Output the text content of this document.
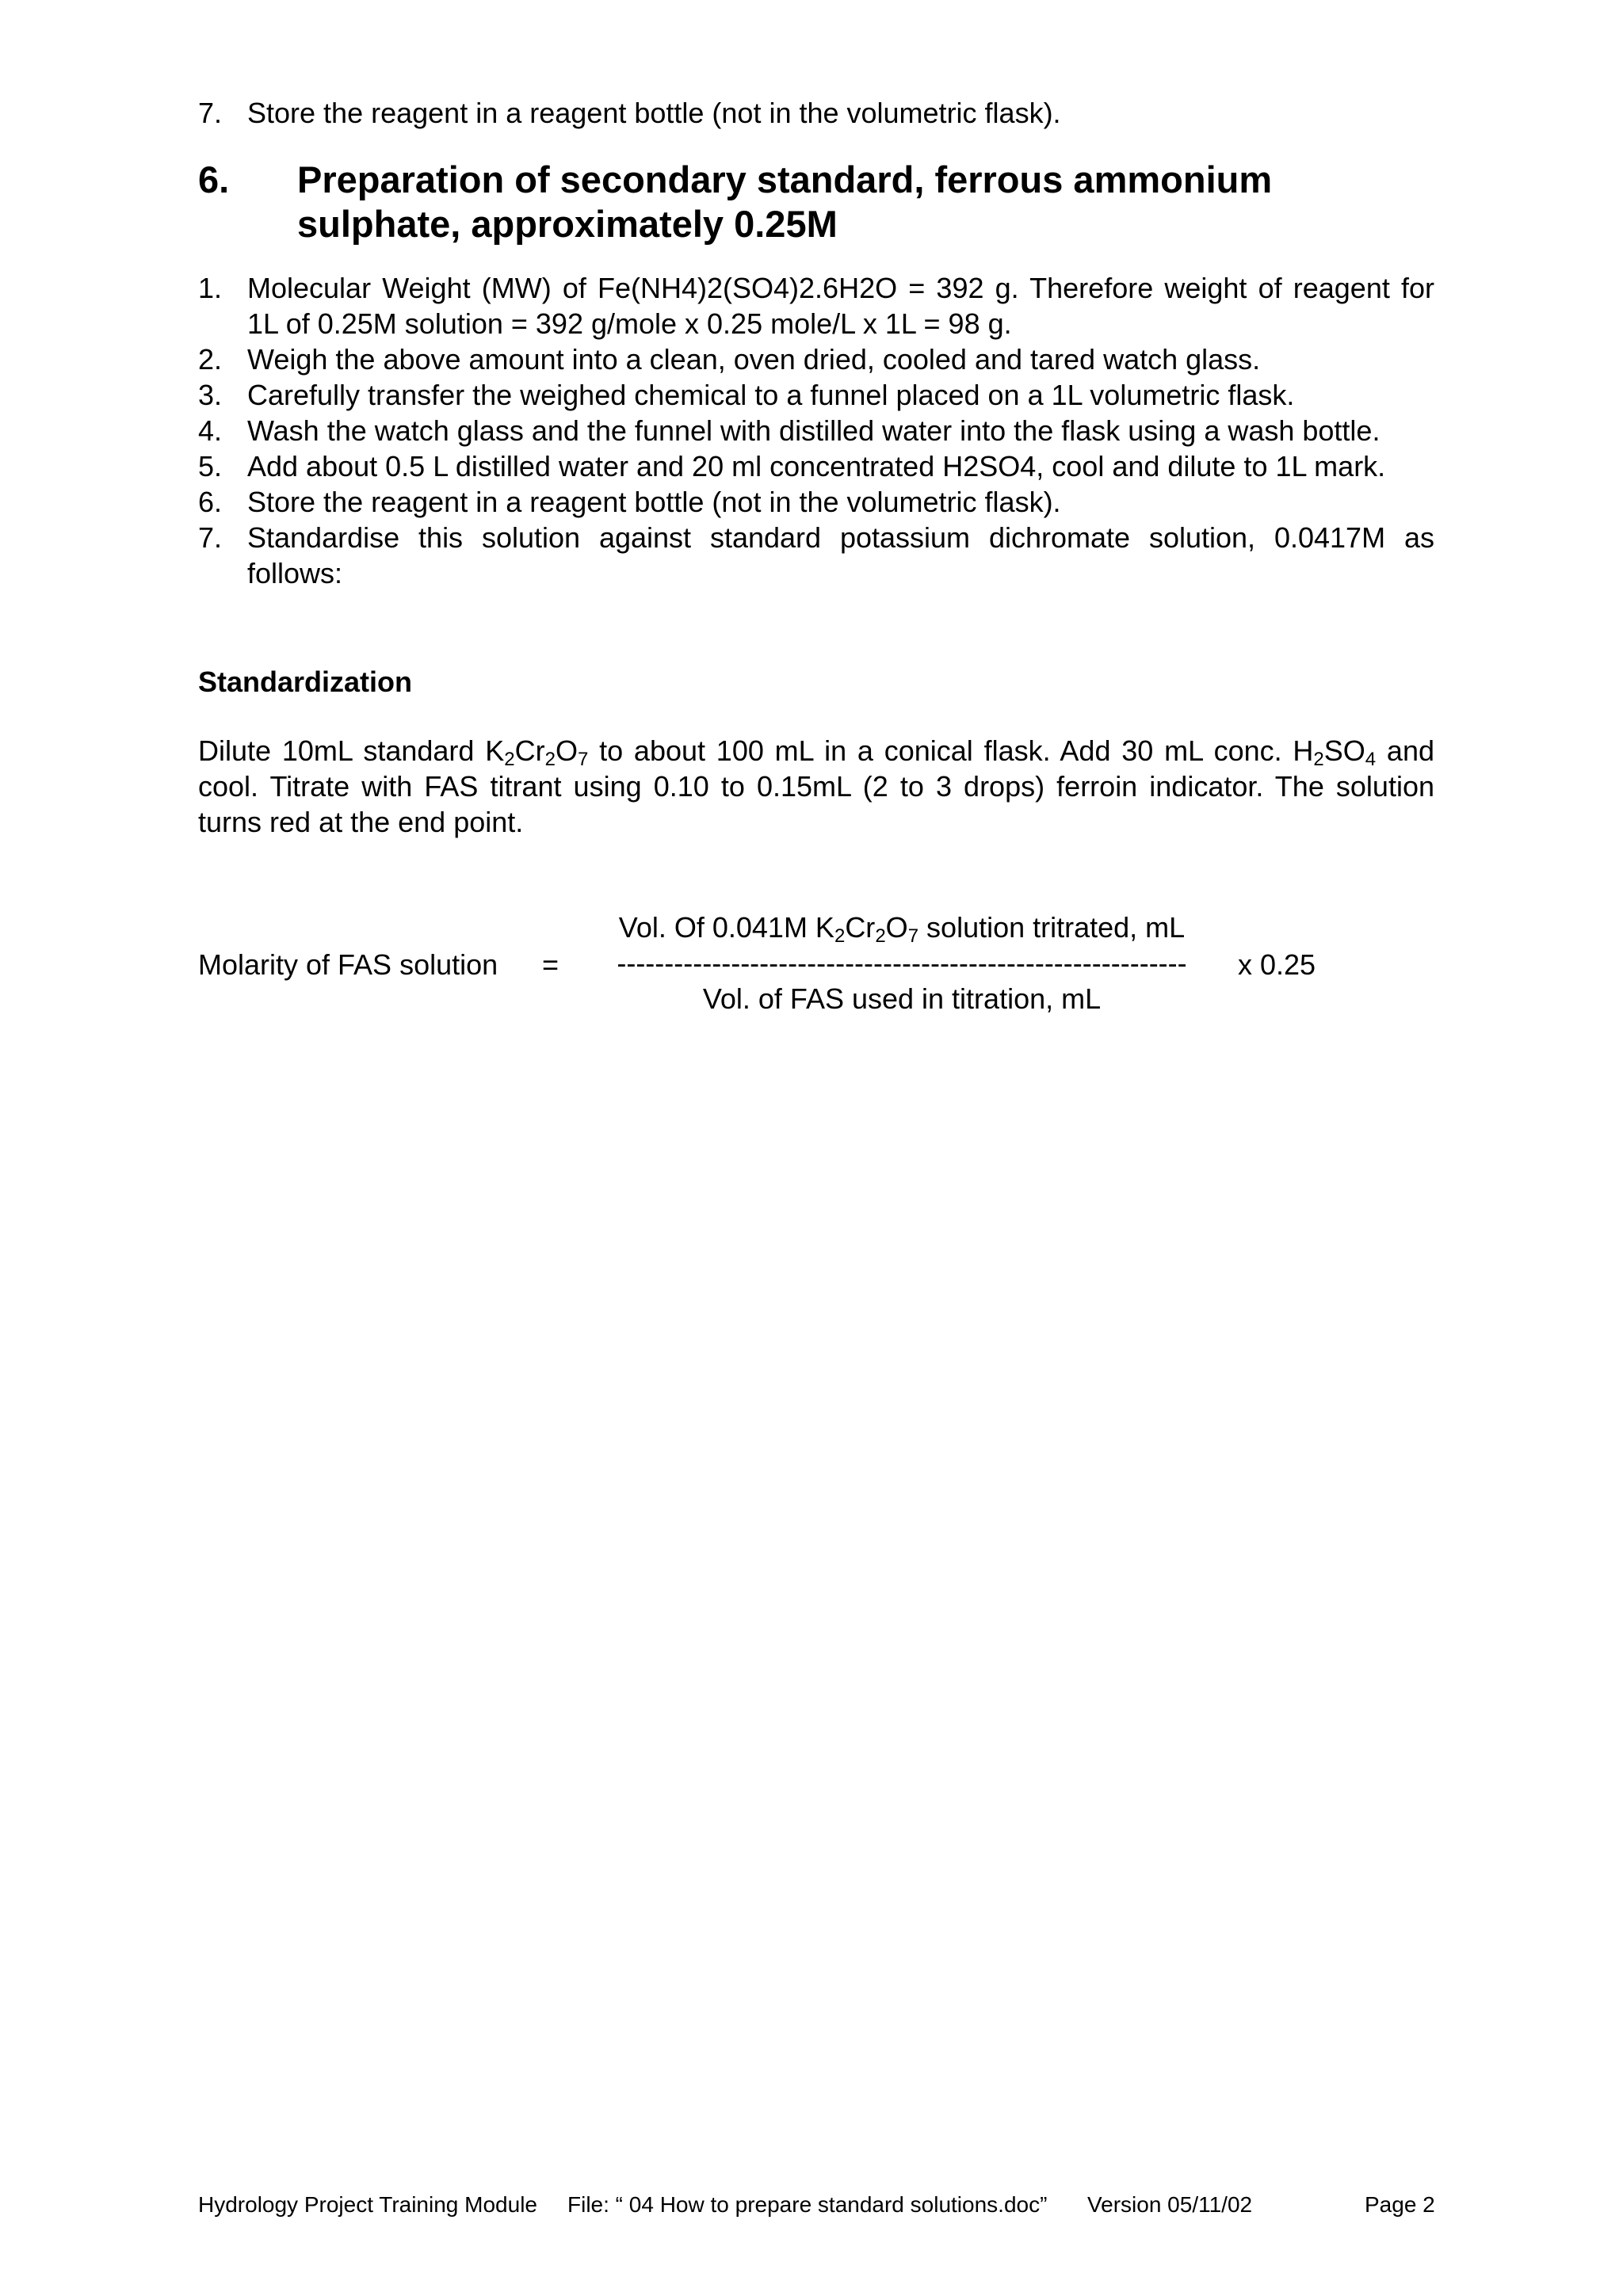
7. Store the reagent in a reagent bottle (not in the volumetric flask).
6. Preparation of secondary standard, ferrous ammonium sulphate, approximately 0.25M
1. Molecular Weight (MW) of Fe(NH4)2(SO4)2.6H2O = 392 g. Therefore weight of reagent for 1L of 0.25M solution = 392 g/mole x 0.25 mole/L x 1L = 98 g.
2. Weigh the above amount into a clean, oven dried, cooled and tared watch glass.
3. Carefully transfer the weighed chemical to a funnel placed on a 1L volumetric flask.
4. Wash the watch glass and the funnel with distilled water into the flask using a wash bottle.
5. Add about 0.5 L distilled water and 20 ml concentrated H2SO4, cool and dilute to 1L mark.
6. Store the reagent in a reagent bottle (not in the volumetric flask).
7. Standardise this solution against standard potassium dichromate solution, 0.0417M as follows:
Standardization
Dilute 10mL standard $K_2Cr_2O_7$ to about 100 mL in a conical flask. Add 30 mL conc. $H_2SO_4$ and cool. Titrate with FAS titrant using 0.10 to 0.15mL (2 to 3 drops) ferroin indicator. The solution turns red at the end point.
Molarity of FAS solution =
Vol. Of 0.041M $K_2Cr_2O_7$ solution tritrated, mL
------------------------------------------------------------
Vol. of FAS used in titration, mL
x 0.25
Hydrology Project Training Module File: “ 04 How to prepare standard solutions.doc” Version 05/11/02	Page 2
